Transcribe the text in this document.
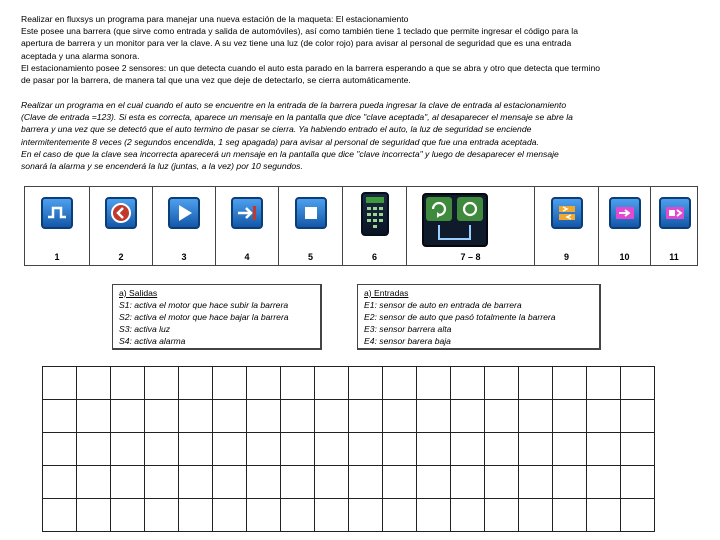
Realizar en fluxsys un programa para manejar una nueva estación de la maqueta: El estacionamiento
Este posee una barrera (que sirve como entrada y salida de automóviles), así como también tiene 1 teclado que permite ingresar el código para la
apertura de barrera y un monitor para ver la clave. A su vez tiene una luz (de color rojo) para avisar al personal de seguridad que es una entrada
aceptada y una alarma sonora.
El estacionamiento posee 2 sensores: un que detecta cuando el auto esta parado en la barrera esperando a que se abra y otro que detecta que termino
de pasar por la barrera, de manera tal que una vez que deje de detectarlo, se cierra automáticamente.
Realizar un programa en el cual cuando el auto se encuentre en la entrada de la barrera pueda ingresar la clave de entrada al estacionamiento
(Clave de entrada =123). Si esta es correcta, aparece un mensaje en la pantalla que dice "clave aceptada", al desaparecer el mensaje se abre la
barrera y una vez que se detectó que el auto termino de pasar se cierra. Ya habiendo entrado el auto, la luz de seguridad se enciende
intermitentemente 8 veces (2 segundos encendida, 1 seg apagada) para avisar al personal de seguridad que fue una entrada aceptada.
En el caso de que la clave sea incorrecta aparecerá un mensaje en la pantalla que dice "clave incorrecta" y luego de desaparecer el mensaje
sonará la alarma y se encenderá la luz (juntas, a la vez) por 10 segundos.
1	2	3	4	5	6	7 – 8	9	10	11
a) Salidas
S1: activa el motor que hace subir la barrera
S2: activa el motor que hace bajar la barrera
S3: activa luz
S4: activa alarma
a) Entradas
E1: sensor de auto en entrada de barrera
E2: sensor de auto que pasó totalmente la barrera
E3: sensor barrera alta
E4: sensor barera baja
